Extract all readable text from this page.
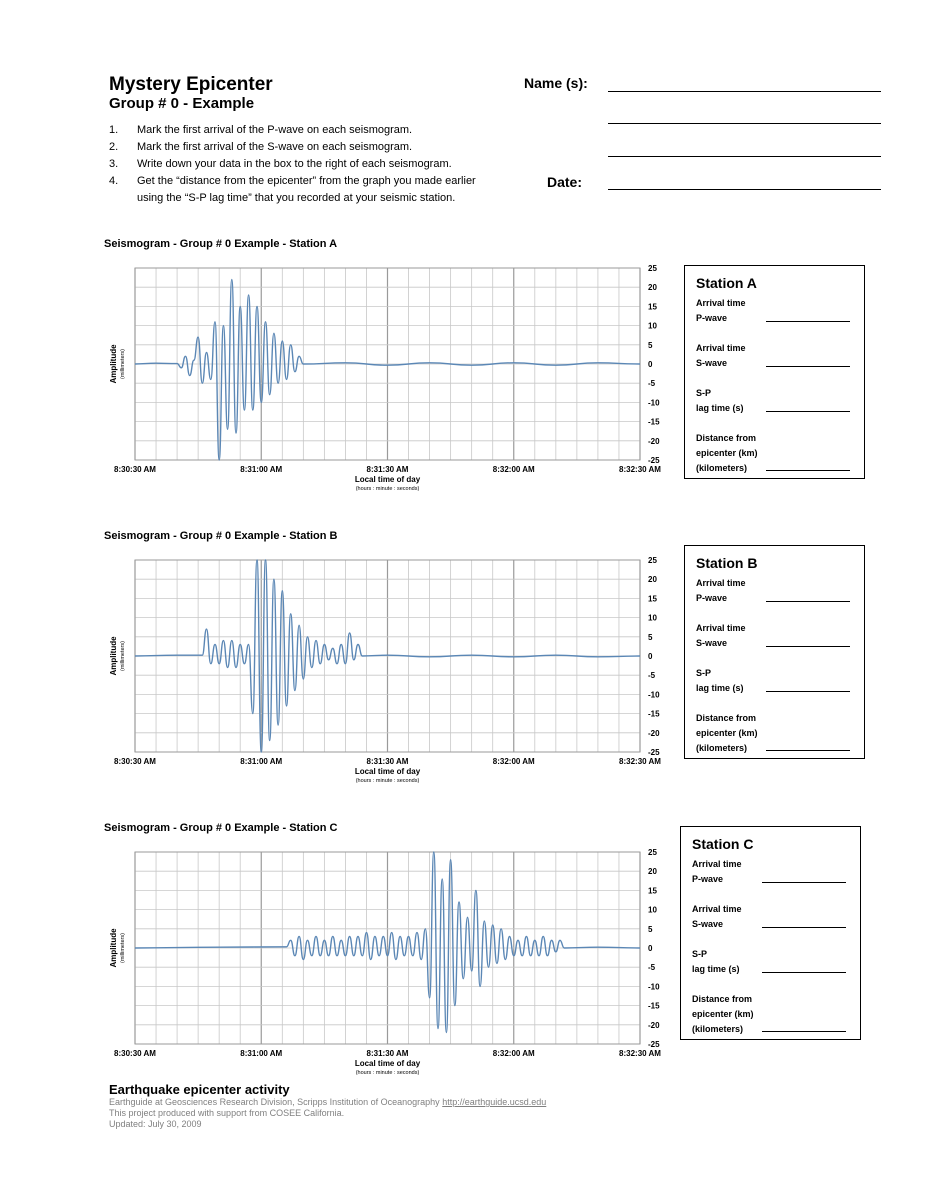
Mystery Epicenter
Group # 0 - Example
1. Mark the first arrival of the P-wave on each seismogram.
2. Mark the first arrival of the S-wave on each seismogram.
3. Write down your data in the box to the right of each seismogram.
4. Get the “distance from the epicenter” from the graph you made earlier
using the “S-P lag time” that you recorded at your seismic station.
Name (s):
Date:
Seismogram - Group # 0 Example - Station A
25
20
15
10
5
0
-5
-10
-15
-20
-25
8:30:30 AM	8:31:00 AM	8:31:30 AM	8:32:00 AM	8:32:30 AM
Local time of day
(hours : minute : seconds)
Amplitude (millimeters)
Station A
Arrival time
P-wave
Arrival time
S-wave
S-P
lag time (s)
Distance from
epicenter (km)
(kilometers)
Seismogram - Group # 0 Example - Station B
25
20
15
10
5
0
-5
-10
-15
-20
-25
8:30:30 AM	8:31:00 AM	8:31:30 AM	8:32:00 AM	8:32:30 AM
Local time of day
(hours : minute : seconds)
Amplitude (millimeters)
Station B
Arrival time
P-wave
Arrival time
S-wave
S-P
lag time (s)
Distance from
epicenter (km)
(kilometers)
Seismogram - Group # 0 Example - Station C
25
20
15
10
5
0
-5
-10
-15
-20
-25
8:30:30 AM	8:31:00 AM	8:31:30 AM	8:32:00 AM	8:32:30 AM
Local time of day
(hours : minute : seconds)
Amplitude (millimeters)
Station C
Arrival time
P-wave
Arrival time
S-wave
S-P
lag time (s)
Distance from
epicenter (km)
(kilometers)
Earthquake epicenter activity
Earthguide at Geosciences Research Division, Scripps Institution of Oceanography http://earthguide.ucsd.edu
This project produced with support from COSEE California.
Updated: July 30, 2009
